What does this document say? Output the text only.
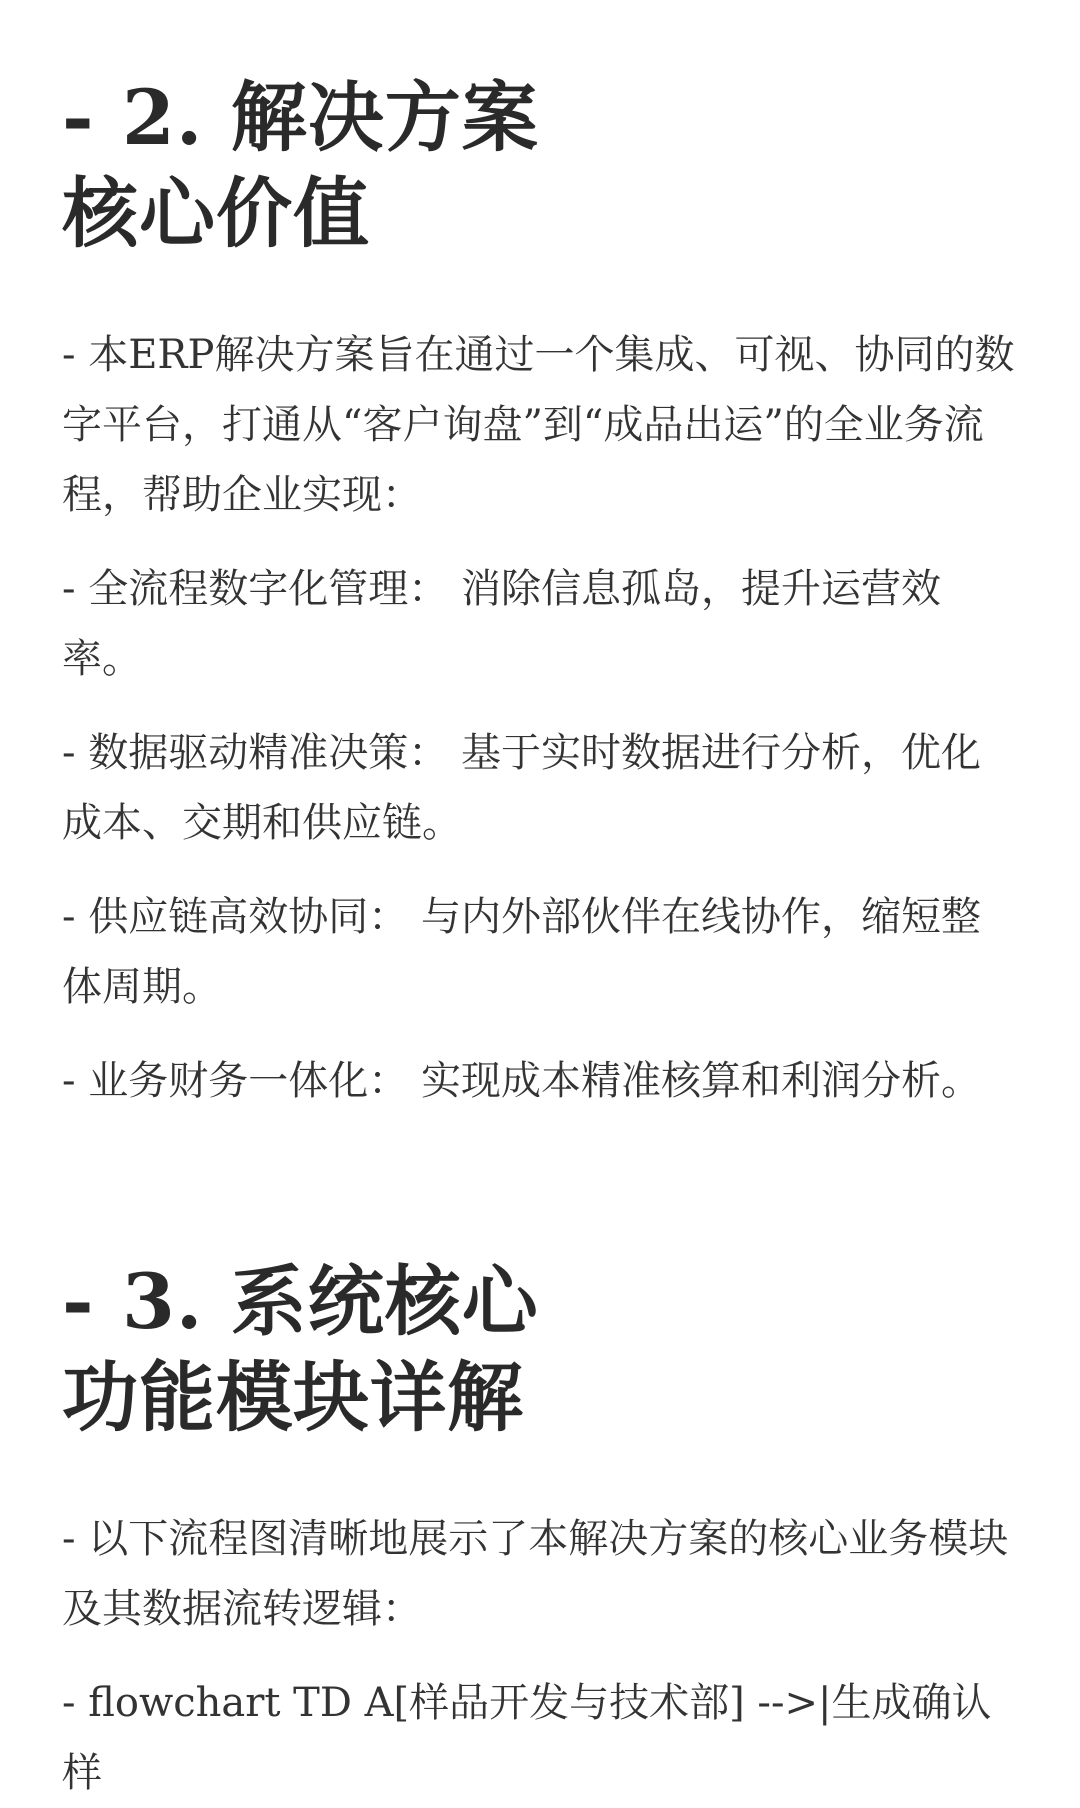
- 2. 解决方案
核心价值

- 本ERP解决方案旨在通过一个集成、可视、协同的数字平台，打通从“客户询盘”到“成品出运”的全业务流程，帮助企业实现：

- 全流程数字化管理： 消除信息孤岛，提升运营效率。

- 数据驱动精准决策： 基于实时数据进行分析，优化成本、交期和供应链。

- 供应链高效协同： 与内外部伙伴在线协作，缩短整体周期。

- 业务财务一体化： 实现成本精准核算和利润分析。

- 3. 系统核心
功能模块详解

- 以下流程图清晰地展示了本解决方案的核心业务模块及其数据流转逻辑：

- flowchart TD A[样品开发与技术部] -->|生成确认样
